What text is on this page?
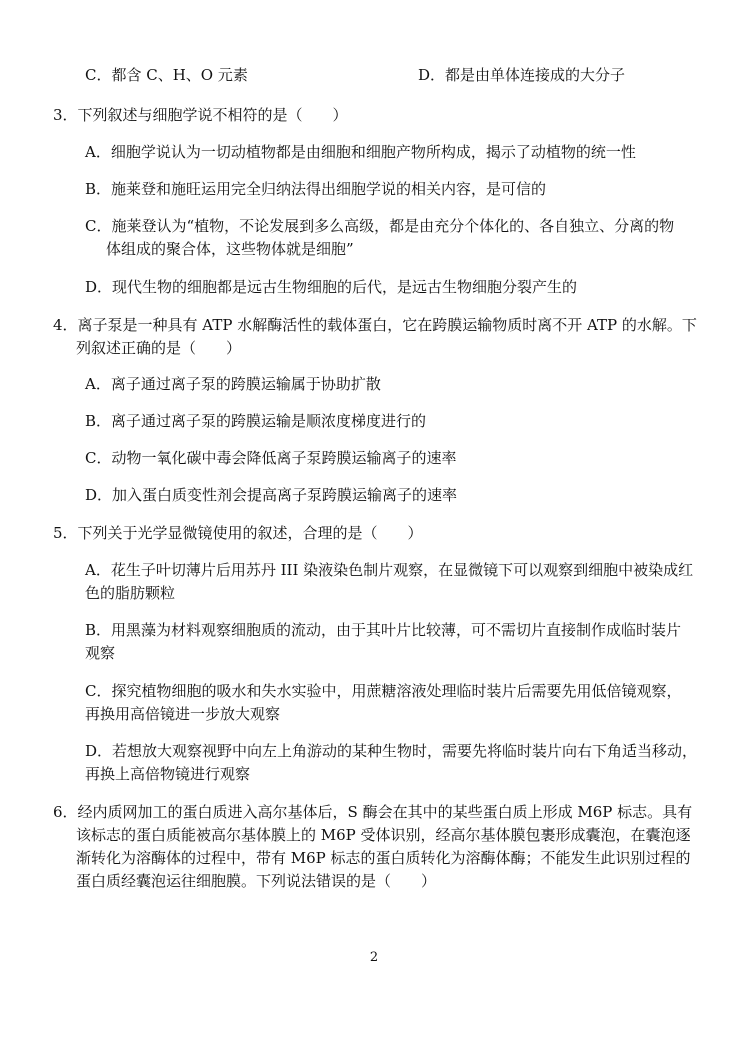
C．都含 C、H、O 元素	D．都是由单体连接成的大分子
3．下列叙述与细胞学说不相符的是（　　）
A．细胞学说认为一切动植物都是由细胞和细胞产物所构成，揭示了动植物的统一性
B．施莱登和施旺运用完全归纳法得出细胞学说的相关内容，是可信的
C．施莱登认为“植物，不论发展到多么高级，都是由充分个体化的、各自独立、分离的物
体组成的聚合体，这些物体就是细胞”
D．现代生物的细胞都是远古生物细胞的后代，是远古生物细胞分裂产生的
4．离子泵是一种具有 ATP 水解酶活性的载体蛋白，它在跨膜运输物质时离不开 ATP 的水解。下
列叙述正确的是（　　）
A．离子通过离子泵的跨膜运输属于协助扩散
B．离子通过离子泵的跨膜运输是顺浓度梯度进行的
C．动物一氧化碳中毒会降低离子泵跨膜运输离子的速率
D．加入蛋白质变性剂会提高离子泵跨膜运输离子的速率
5．下列关于光学显微镜使用的叙述，合理的是（　　）
A．花生子叶切薄片后用苏丹 III 染液染色制片观察，在显微镜下可以观察到细胞中被染成红
色的脂肪颗粒
B．用黑藻为材料观察细胞质的流动，由于其叶片比较薄，可不需切片直接制作成临时装片
观察
C．探究植物细胞的吸水和失水实验中，用蔗糖溶液处理临时装片后需要先用低倍镜观察，
再换用高倍镜进一步放大观察
D．若想放大观察视野中向左上角游动的某种生物时，需要先将临时装片向右下角适当移动，
再换上高倍物镜进行观察
6．经内质网加工的蛋白质进入高尔基体后，S 酶会在其中的某些蛋白质上形成 M6P 标志。具有
该标志的蛋白质能被高尔基体膜上的 M6P 受体识别，经高尔基体膜包裹形成囊泡，在囊泡逐
渐转化为溶酶体的过程中，带有 M6P 标志的蛋白质转化为溶酶体酶；不能发生此识别过程的
蛋白质经囊泡运往细胞膜。下列说法错误的是（　　）
2
